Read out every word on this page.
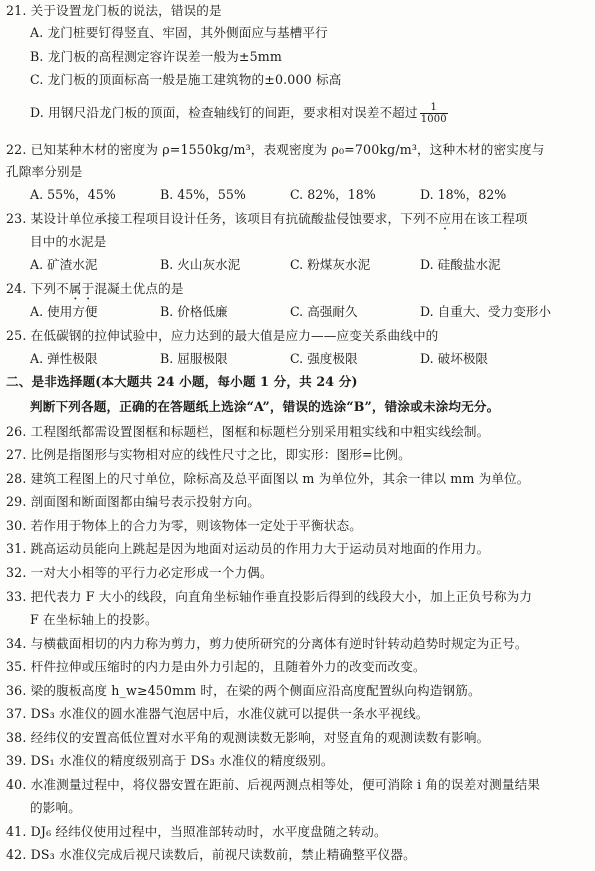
21. 关于设置龙门板的说法，错误的是
A. 龙门桩要钉得竖直、牢固，其外侧面应与基槽平行
B. 龙门板的高程测定容许误差一般为±5mm
C. 龙门板的顶面标高一般是施工建筑物的±0.000 标高
D. 用钢尺沿龙门板的顶面，检查轴线钉的间距，要求相对误差不超过 $\frac{1}{1000}$
22. 已知某种木材的密度为 ρ=1550kg/m³，表观密度为 ρ₀=700kg/m³，这种木材的密实度与
孔隙率分别是
A. 55%，45%	B. 45%，55%	C. 82%，18%	D. 18%，82%
23. 某设计单位承接工程项目设计任务，该项目有抗硫酸盐侵蚀要求，下列不应用在该工程项
目中的水泥是
A. 矿渣水泥	B. 火山灰水泥	C. 粉煤灰水泥	D. 硅酸盐水泥
24. 下列不属于混凝土优点的是
A. 使用方便	B. 价格低廉	C. 高强耐久	D. 自重大、受力变形小
25. 在低碳钢的拉伸试验中，应力达到的最大值是应力——应变关系曲线中的
A. 弹性极限	B. 屈服极限	C. 强度极限	D. 破坏极限
二、是非选择题(本大题共 24 小题，每小题 1 分，共 24 分)
判断下列各题，正确的在答题纸上选涂“A”，错误的选涂“B”，错涂或未涂均无分。
26. 工程图纸都需设置图框和标题栏，图框和标题栏分别采用粗实线和中粗实线绘制。
27. 比例是指图形与实物相对应的线性尺寸之比，即实形：图形=比例。
28. 建筑工程图上的尺寸单位，除标高及总平面图以 m 为单位外，其余一律以 mm 为单位。
29. 剖面图和断面图都由编号表示投射方向。
30. 若作用于物体上的合力为零，则该物体一定处于平衡状态。
31. 跳高运动员能向上跳起是因为地面对运动员的作用力大于运动员对地面的作用力。
32. 一对大小相等的平行力必定形成一个力偶。
33. 把代表力 F 大小的线段，向直角坐标轴作垂直投影后得到的线段大小，加上正负号称为力
F 在坐标轴上的投影。
34. 与横截面相切的内力称为剪力，剪力使所研究的分离体有逆时针转动趋势时规定为正号。
35. 杆件拉伸或压缩时的内力是由外力引起的，且随着外力的改变而改变。
36. 梁的腹板高度 h_w≥450mm 时，在梁的两个侧面应沿高度配置纵向构造钢筋。
37. DS₃ 水准仪的圆水准器气泡居中后，水准仪就可以提供一条水平视线。
38. 经纬仪的安置高低位置对水平角的观测读数无影响，对竖直角的观测读数有影响。
39. DS₁ 水准仪的精度级别高于 DS₃ 水准仪的精度级别。
40. 水准测量过程中，将仪器安置在距前、后视两测点相等处，便可消除 i 角的误差对测量结果
的影响。
41. DJ₆ 经纬仪使用过程中，当照准部转动时，水平度盘随之转动。
42. DS₃ 水准仪完成后视尺读数后，前视尺读数前，禁止精确整平仪器。
